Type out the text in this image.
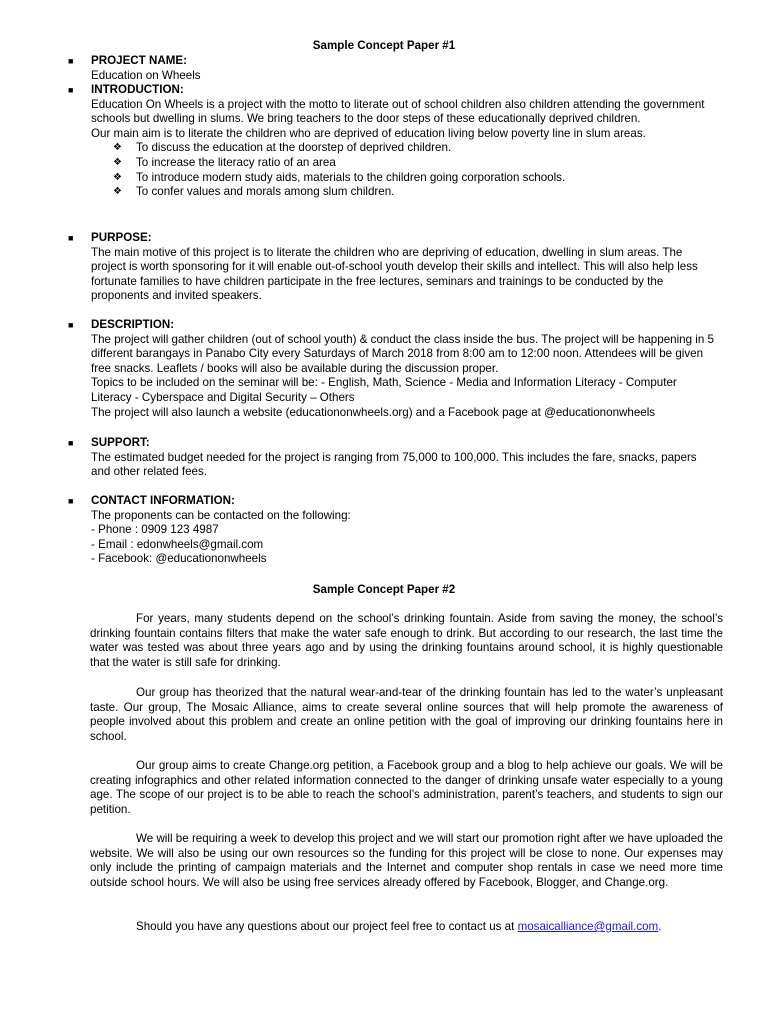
Sample Concept Paper #1
■	PROJECT NAME:

Education on Wheels

■	INTRODUCTION:

Education On Wheels is a project with the motto to literate out of school children also children attending the government schools but dwelling in slums. We bring teachers to the door steps of these educationally deprived children.

Our main aim is to literate the children who are deprived of education living below poverty line in slum areas.

❖ To discuss the education at the doorstep of deprived children.
❖ To increase the literacy ratio of an area
❖ To introduce modern study aids, materials to the children going corporation schools.
❖ To confer values and morals among slum children.
■	PURPOSE:

The main motive of this project is to literate the children who are depriving of education, dwelling in slum areas. The project is worth sponsoring for it will enable out-of-school youth develop their skills and intellect. This will also help less fortunate families to have children participate in the free lectures, seminars and trainings to be conducted by the proponents and invited speakers.

■	DESCRIPTION:

The project will gather children (out of school youth) & conduct the class inside the bus. The project will be happening in 5 different barangays in Panabo City every Saturdays of March 2018 from 8:00 am to 12:00 noon. Attendees will be given free snacks. Leaflets / books will also be available during the discussion proper.

Topics to be included on the seminar will be: - English, Math, Science - Media and Information Literacy - Computer Literacy - Cyberspace and Digital Security – Others

The project will also launch a website (educationonwheels.org) and a Facebook page at @educationonwheels

■	SUPPORT:

The estimated budget needed for the project is ranging from 75,000 to 100,000. This includes the fare, snacks, papers and other related fees.

■	CONTACT INFORMATION:

The proponents can be contacted on the following:

- Phone : 0909 123 4987

- Email : edonwheels@gmail.com

- Facebook: @educationonwheels

Sample Concept Paper #2

For years, many students depend on the school’s drinking fountain. Aside from saving the money, the school’s drinking fountain contains filters that make the water safe enough to drink. But according to our research, the last time the water was tested was about three years ago and by using the drinking fountains around school, it is highly questionable that the water is still safe for drinking.

Our group has theorized that the natural wear-and-tear of the drinking fountain has led to the water’s unpleasant taste. Our group, The Mosaic Alliance, aims to create several online sources that will help promote the awareness of people involved about this problem and create an online petition with the goal of improving our drinking fountains here in school.

Our group aims to create Change.org petition, a Facebook group and a blog to help achieve our goals. We will be creating infographics and other related information connected to the danger of drinking unsafe water especially to a young age. The scope of our project is to be able to reach the school’s administration, parent’s teachers, and students to sign our petition.

We will be requiring a week to develop this project and we will start our promotion right after we have uploaded the website. We will also be using our own resources so the funding for this project will be close to none. Our expenses may only include the printing of campaign materials and the Internet and computer shop rentals in case we need more time outside school hours. We will also be using free services already offered by Facebook, Blogger, and Change.org.

Should you have any questions about our project feel free to contact us at mosaicalliance@gmail.com.
